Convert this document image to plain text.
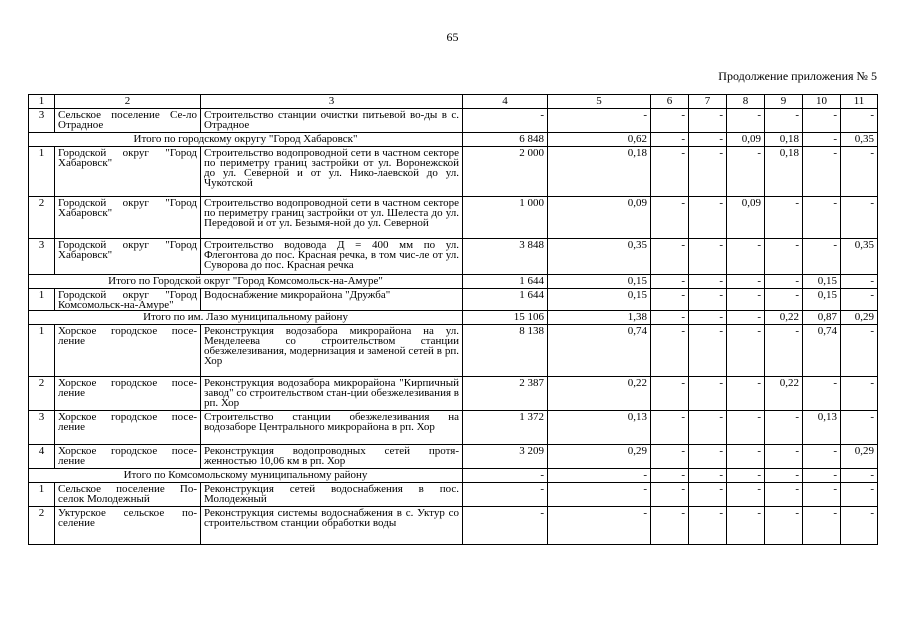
65
Продолжение приложения № 5
1	2	3	4	5	6	7	8	9	10	11
3	Сельское поселение Се-ло Отрадное	Строительство станции очистки питьевой во-ды в с. Отрадное	-	-	-	-	-	-	-	-
Итого по городскому округу "Город Хабаровск"			6 848	0,62	-	-	0,09	0,18	-	0,35
1	Городской округ "Город Хабаровск"	Строительство водопроводной сети в частном секторе по периметру границ застройки от ул. Воронежской до ул. Северной и от ул. Нико-лаевской до ул. Чукотской	2 000	0,18	-	-	-	0,18	-	-
2	Городской округ "Город Хабаровск"	Строительство водопроводной сети в частном секторе по периметру границ застройки от ул. Шелеста до ул. Передовой и от ул. Безымя-ной до ул. Северной	1 000	0,09	-	-	0,09	-	-	-
3	Городской округ "Город Хабаровск"	Строительство водовода Д = 400 мм по ул. Флегонтова до пос. Красная речка, в том чис-ле от ул. Суворова до пос. Красная речка	3 848	0,35	-	-	-	-	-	0,35
Итого по Городской округ "Город Комсомольск-на-Амуре"			1 644	0,15	-	-	-	-	0,15	-
1	Городской округ "Город Комсомольск-на-Амуре"	Водоснабжение микрорайона "Дружба"	1 644	0,15	-	-	-	-	0,15	-
Итого по им. Лазо муниципальному району			15 106	1,38	-	-	-	0,22	0,87	0,29
1	Хорское городское посе-ление	Реконструкция водозабора микрорайона на ул. Менделеева со строительством станции обезжелезивания, модернизация и заменой сетей в рп. Хор	8 138	0,74	-	-	-	-	0,74	-
2	Хорское городское посе-ление	Реконструкция водозабора микрорайона "Кирпичный завод" со строительством стан-ции обезжелезивания в рп. Хор	2 387	0,22	-	-	-	0,22	-	-
3	Хорское городское посе-ление	Строительство станции обезжелезивания на водозаборе Центрального микрорайона в рп. Хор	1 372	0,13	-	-	-	-	0,13	-
4	Хорское городское посе-ление	Реконструкция водопроводных сетей протя-женностью 10,06 км в рп. Хор	3 209	0,29	-	-	-	-	-	0,29
Итого по Комсомольскому муниципальному району			-	-	-	-	-	-	-	-
1	Сельское поселение По-селок Молодежный	Реконструкция сетей водоснабжения в пос. Молодежный	-	-	-	-	-	-	-	-
2	Уктурское сельское по-селение	Реконструкция системы водоснабжения в с. Уктур со строительством станции обработки воды	-	-	-	-	-	-	-	-
